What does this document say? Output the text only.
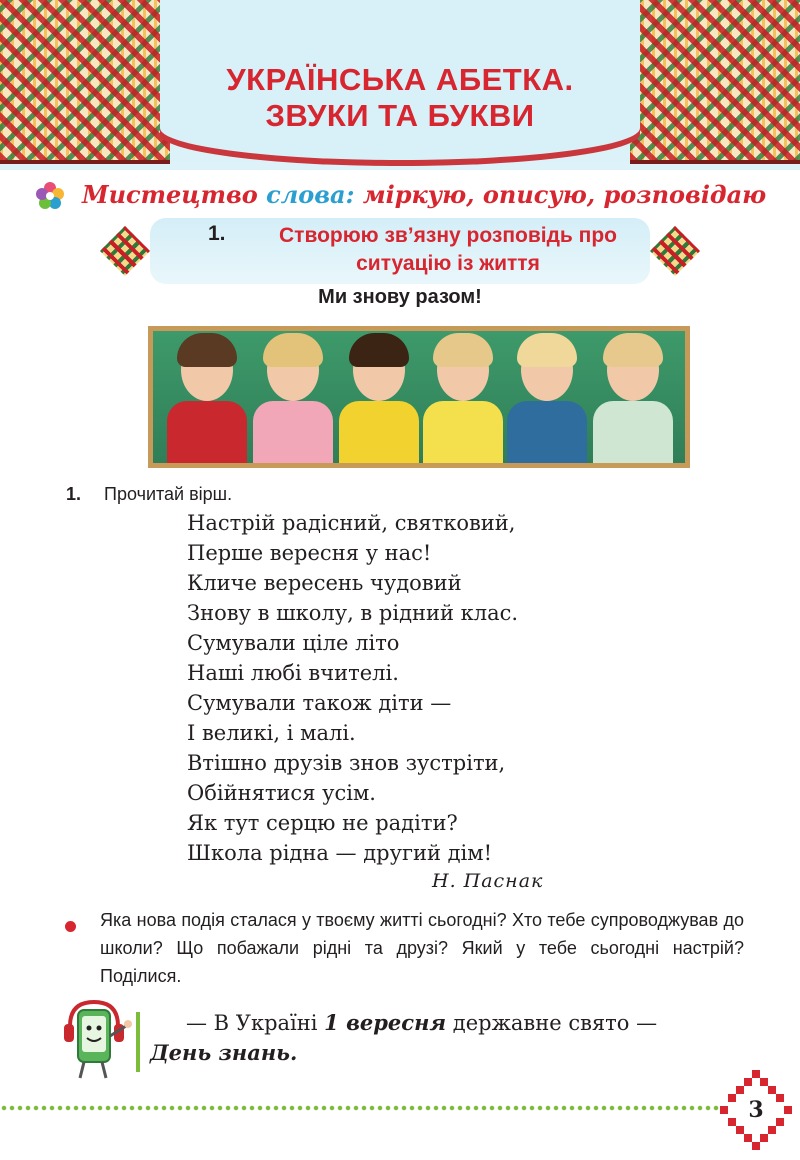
УКРАЇНСЬКА АБЕТКА.
ЗВУКИ ТА БУКВИ
Мистецтво слова: міркую, описую, розповідаю
1.	Створюю зв’язну розповідь про
ситуацію із життя
Ми знову разом!

1. Прочитай вірш.

Настрій радісний, святковий,
Перше вересня у нас!
Кличе вересень чудовий
Знову в школу, в рідний клас.
Сумували ціле літо
Наші любі вчителі.
Сумували також діти —
І великі, і малі.
Втішно друзів знов зустріти,
Обійнятися усім.
Як тут серцю не радіти?
Школа рідна — другий дім!

Н. Паснак

Яка нова подія сталася у твоєму житті сьогодні? Хто тебе супроводжував до школи? Що побажали рідні та друзі? Який у тебе сьогодні настрій? Поділися.

— В Україні 1 вересня державне свято —
День знань.

3
